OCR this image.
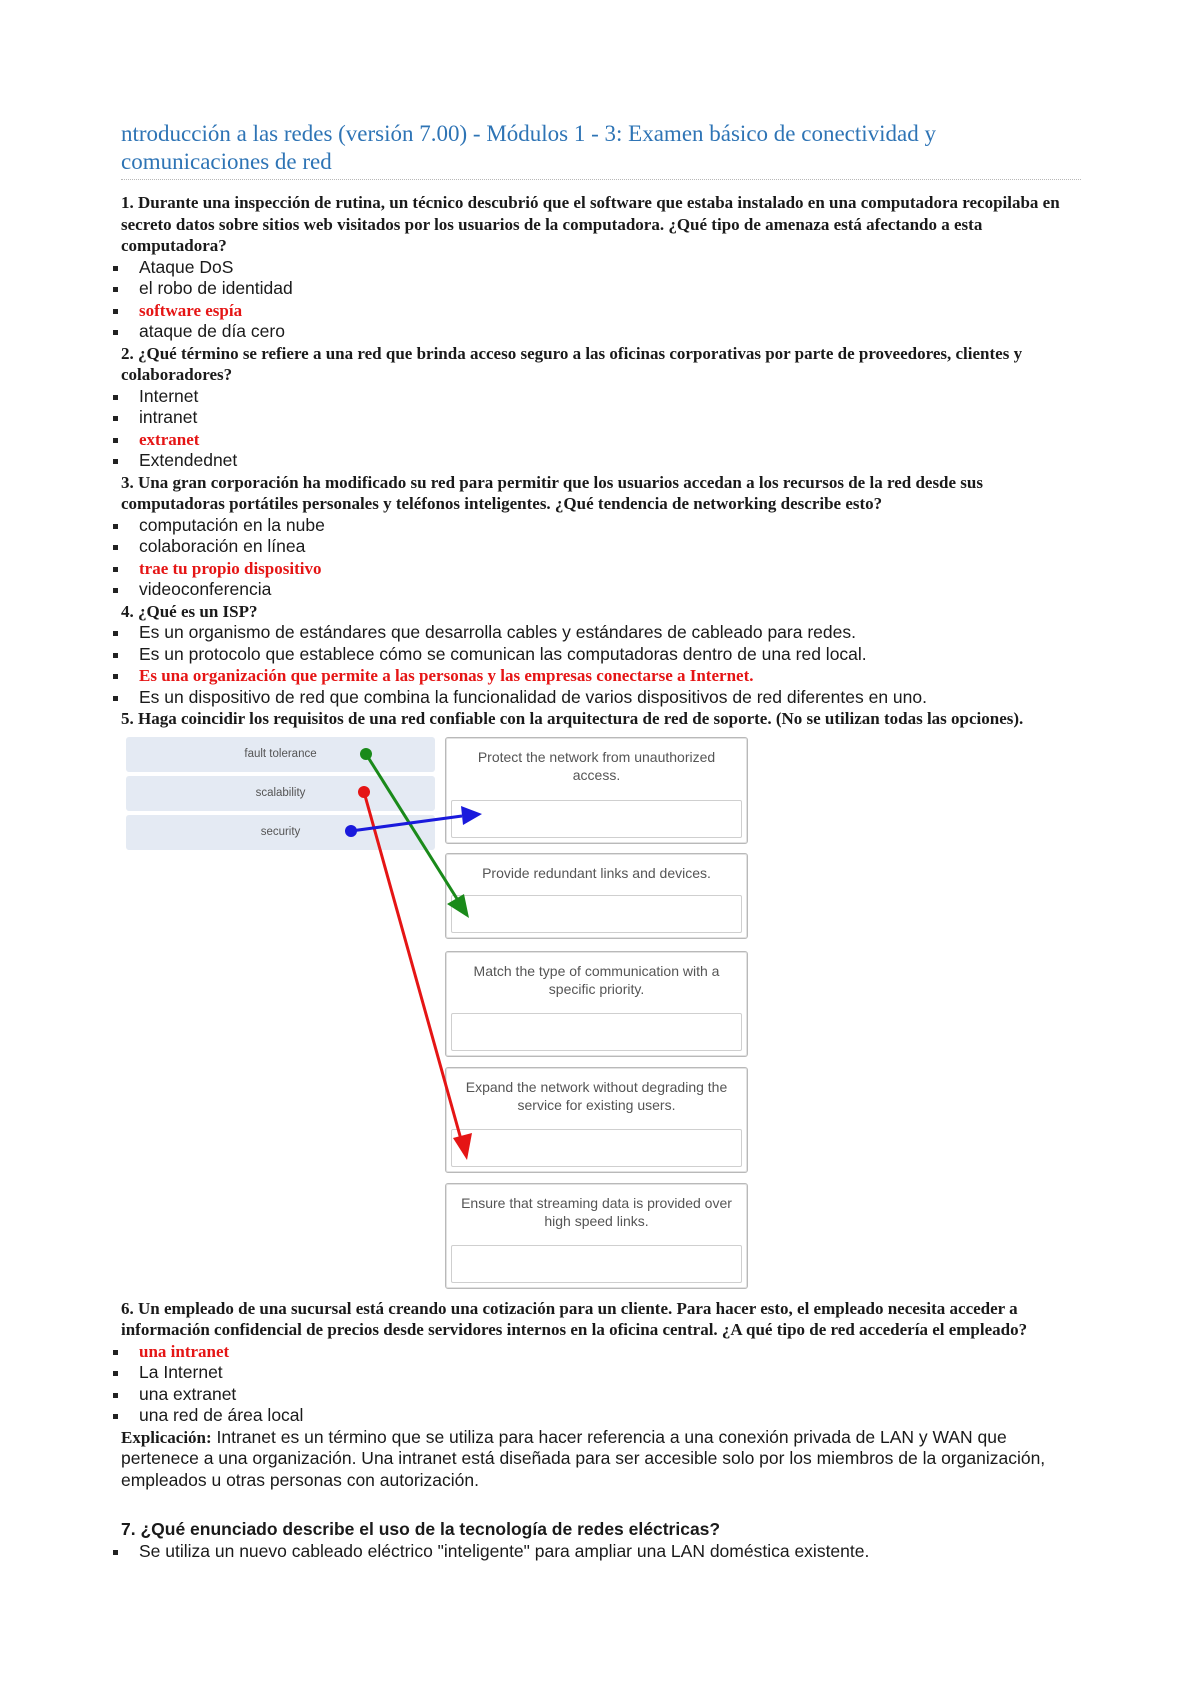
ntroducción a las redes (versión 7.00) - Módulos 1 - 3: Examen básico de conectividad y comunicaciones de red
1. Durante una inspección de rutina, un técnico descubrió que el software que estaba instalado en una computadora recopilaba en secreto datos sobre sitios web visitados por los usuarios de la computadora. ¿Qué tipo de amenaza está afectando a esta computadora?
Ataque DoS
el robo de identidad
software espía
ataque de día cero
2. ¿Qué término se refiere a una red que brinda acceso seguro a las oficinas corporativas por parte de proveedores, clientes y colaboradores?
Internet
intranet
extranet
Extendednet
3. Una gran corporación ha modificado su red para permitir que los usuarios accedan a los recursos de la red desde sus computadoras portátiles personales y teléfonos inteligentes. ¿Qué tendencia de networking describe esto?
computación en la nube
colaboración en línea
trae tu propio dispositivo
videoconferencia
4. ¿Qué es un ISP?
Es un organismo de estándares que desarrolla cables y estándares de cableado para redes.
Es un protocolo que establece cómo se comunican las computadoras dentro de una red local.
Es una organización que permite a las personas y las empresas conectarse a Internet.
Es un dispositivo de red que combina la funcionalidad de varios dispositivos de red diferentes en uno.
5. Haga coincidir los requisitos de una red confiable con la arquitectura de red de soporte. (No se utilizan todas las opciones).
fault tolerance
scalability
security
Protect the network from unauthorized access.
Provide redundant links and devices.
Match the type of communication with a specific priority.
Expand the network without degrading the service for existing users.
Ensure that streaming data is provided over high speed links.
6. Un empleado de una sucursal está creando una cotización para un cliente. Para hacer esto, el empleado necesita acceder a información confidencial de precios desde servidores internos en la oficina central. ¿A qué tipo de red accedería el empleado?
una intranet
La Internet
una extranet
una red de área local
Explicación: Intranet es un término que se utiliza para hacer referencia a una conexión privada de LAN y WAN que pertenece a una organización. Una intranet está diseñada para ser accesible solo por los miembros de la organización, empleados u otras personas con autorización.
7. ¿Qué enunciado describe el uso de la tecnología de redes eléctricas?
Se utiliza un nuevo cableado eléctrico "inteligente" para ampliar una LAN doméstica existente.
